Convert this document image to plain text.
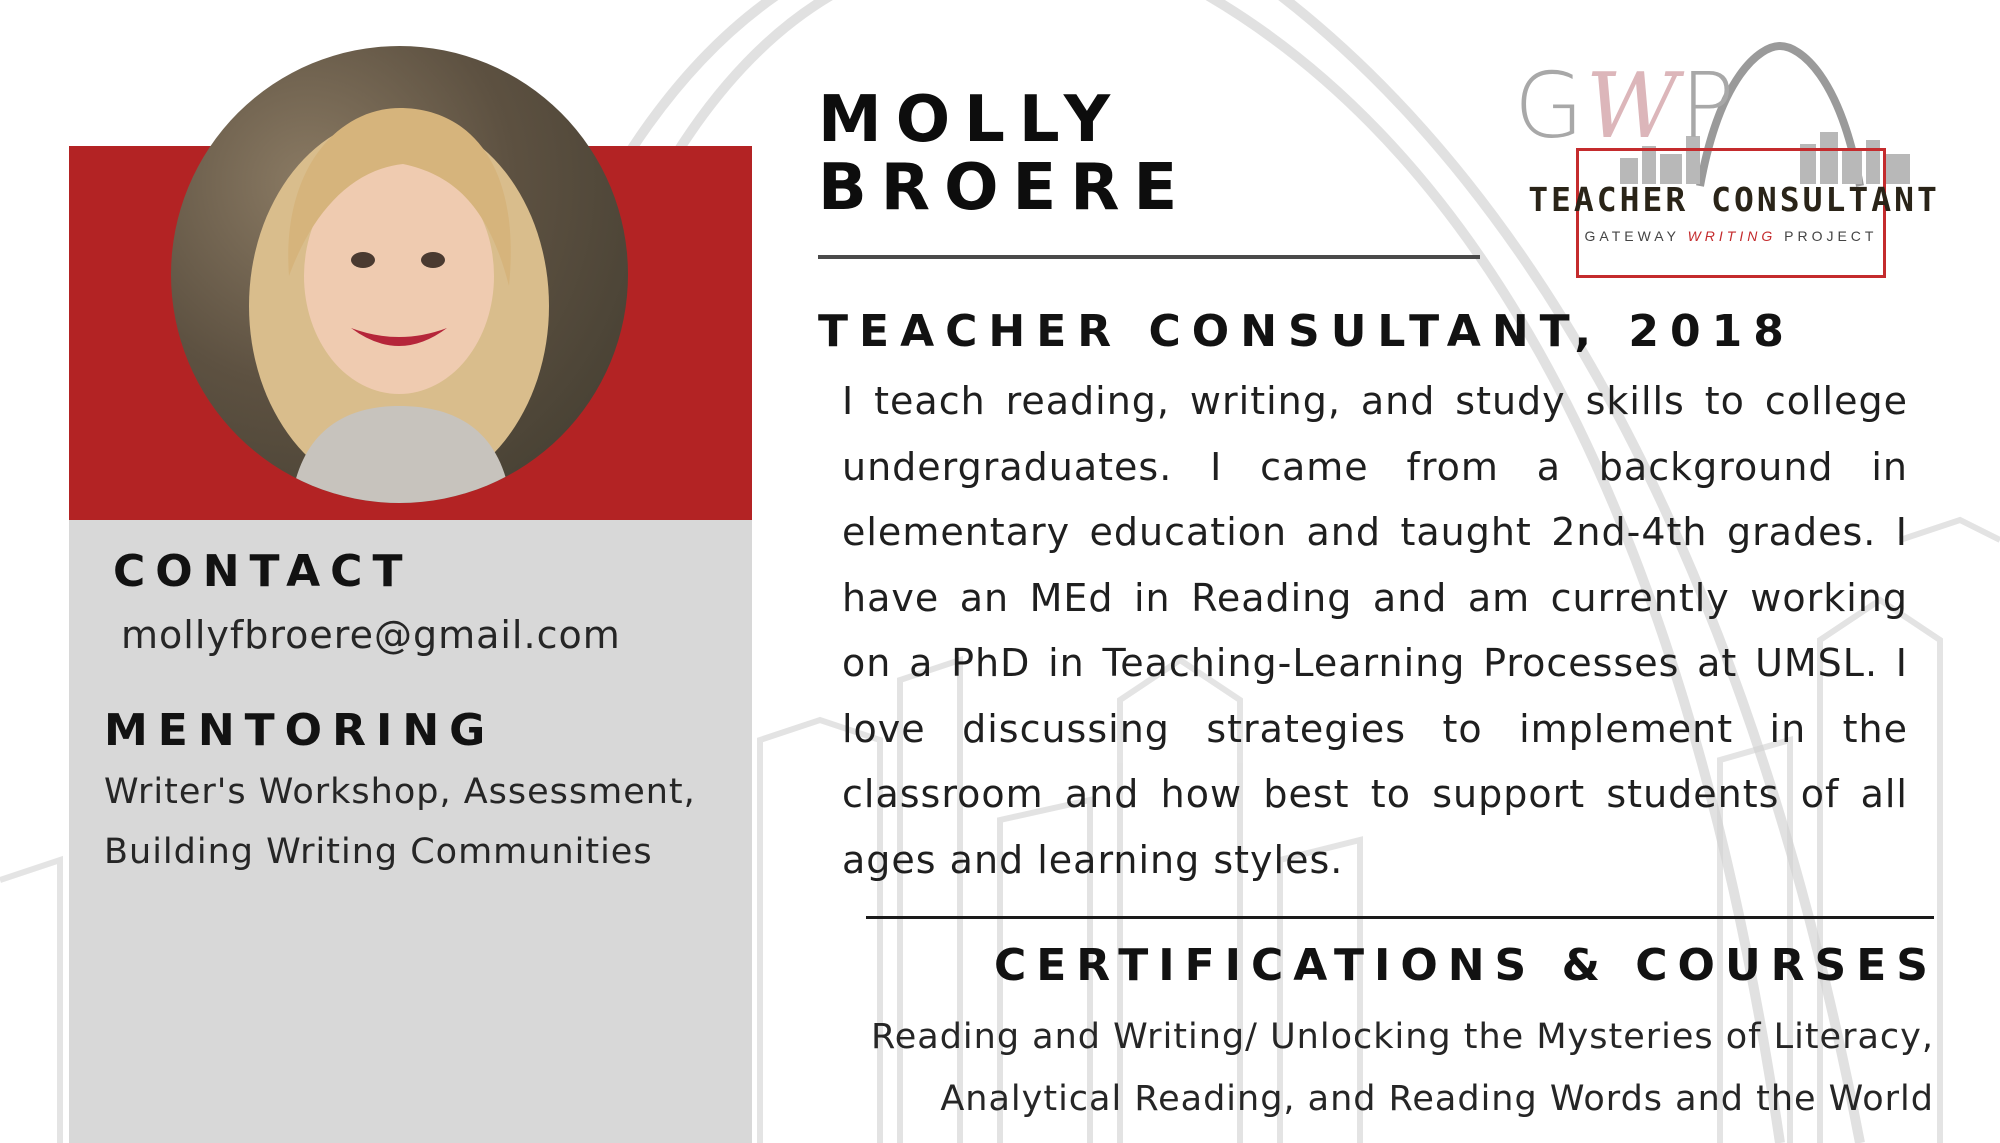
CONTACT
mollyfbroere@gmail.com
MENTORING
Writer's Workshop, Assessment, Building Writing Communities
MOLLY
BROERE
TEACHER CONSULTANT, 2018

I teach reading, writing, and study skills to college undergraduates. I came from a background in elementary education and taught 2nd-4th grades. I have an MEd in Reading and am currently working on a PhD in Teaching-Learning Processes at UMSL. I love discussing strategies to implement in the classroom and how best to support students of all ages and learning styles.

CERTIFICATIONS & COURSES
Reading and Writing/ Unlocking the Mysteries of Literacy,
Analytical Reading, and Reading Words and the World
GWP
TEACHER CONSULTANT
GATEWAY WRITING PROJECT
